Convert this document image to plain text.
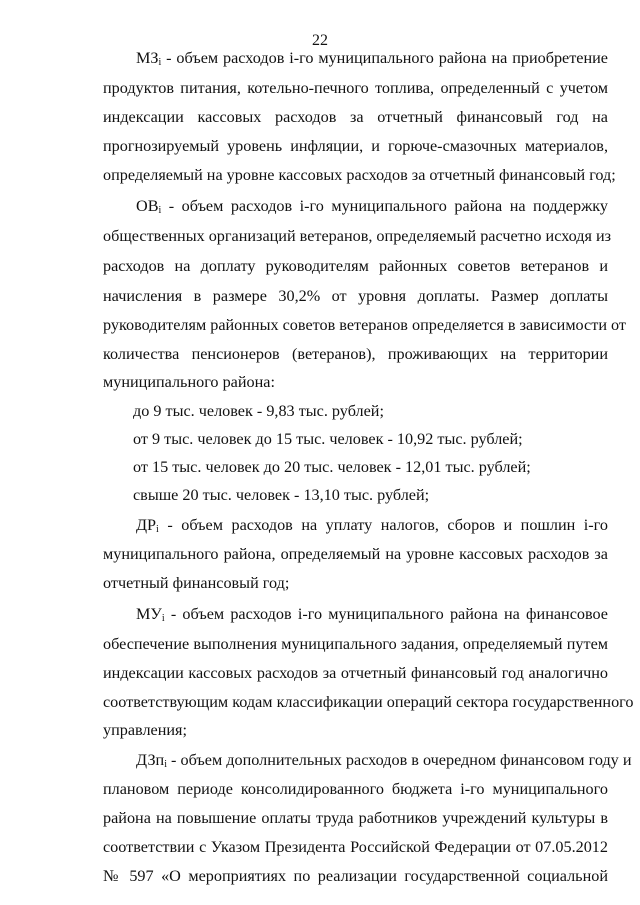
22
$МЗ_i$ - объем расходов i-го муниципального района на приобретение
продуктов питания, котельно-печного топлива, определенный с учетом
индексации кассовых расходов за отчетный финансовый год на
прогнозируемый уровень инфляции, и горюче-смазочных материалов,
определяемый на уровне кассовых расходов за отчетный финансовый год;
$ОВ_i$ - объем расходов i-го муниципального района на поддержку
общественных организаций ветеранов, определяемый расчетно исходя из
расходов на доплату руководителям районных советов ветеранов и
начисления в размере 30,2% от уровня доплаты. Размер доплаты
руководителям районных советов ветеранов определяется в зависимости от
количества пенсионеров (ветеранов), проживающих на территории
муниципального района:
до 9 тыс. человек - 9,83 тыс. рублей;
от 9 тыс. человек до 15 тыс. человек - 10,92 тыс. рублей;
от 15 тыс. человек до 20 тыс. человек - 12,01 тыс. рублей;
свыше 20 тыс. человек - 13,10 тыс. рублей;
$ДР_i$ - объем расходов на уплату налогов, сборов и пошлин i-го
муниципального района, определяемый на уровне кассовых расходов за
отчетный финансовый год;
$МУ_i$ - объем расходов i-го муниципального района на финансовое
обеспечение выполнения муниципального задания, определяемый путем
индексации кассовых расходов за отчетный финансовый год аналогично
соответствующим кодам классификации операций сектора государственного
управления;
ДЗп$_i$ - объем дополнительных расходов в очередном финансовом году и
плановом периоде консолидированного бюджета i-го муниципального
района на повышение оплаты труда работников учреждений культуры в
соответствии с Указом Президента Российской Федерации от 07.05.2012
№ 597 «О мероприятиях по реализации государственной социальной
